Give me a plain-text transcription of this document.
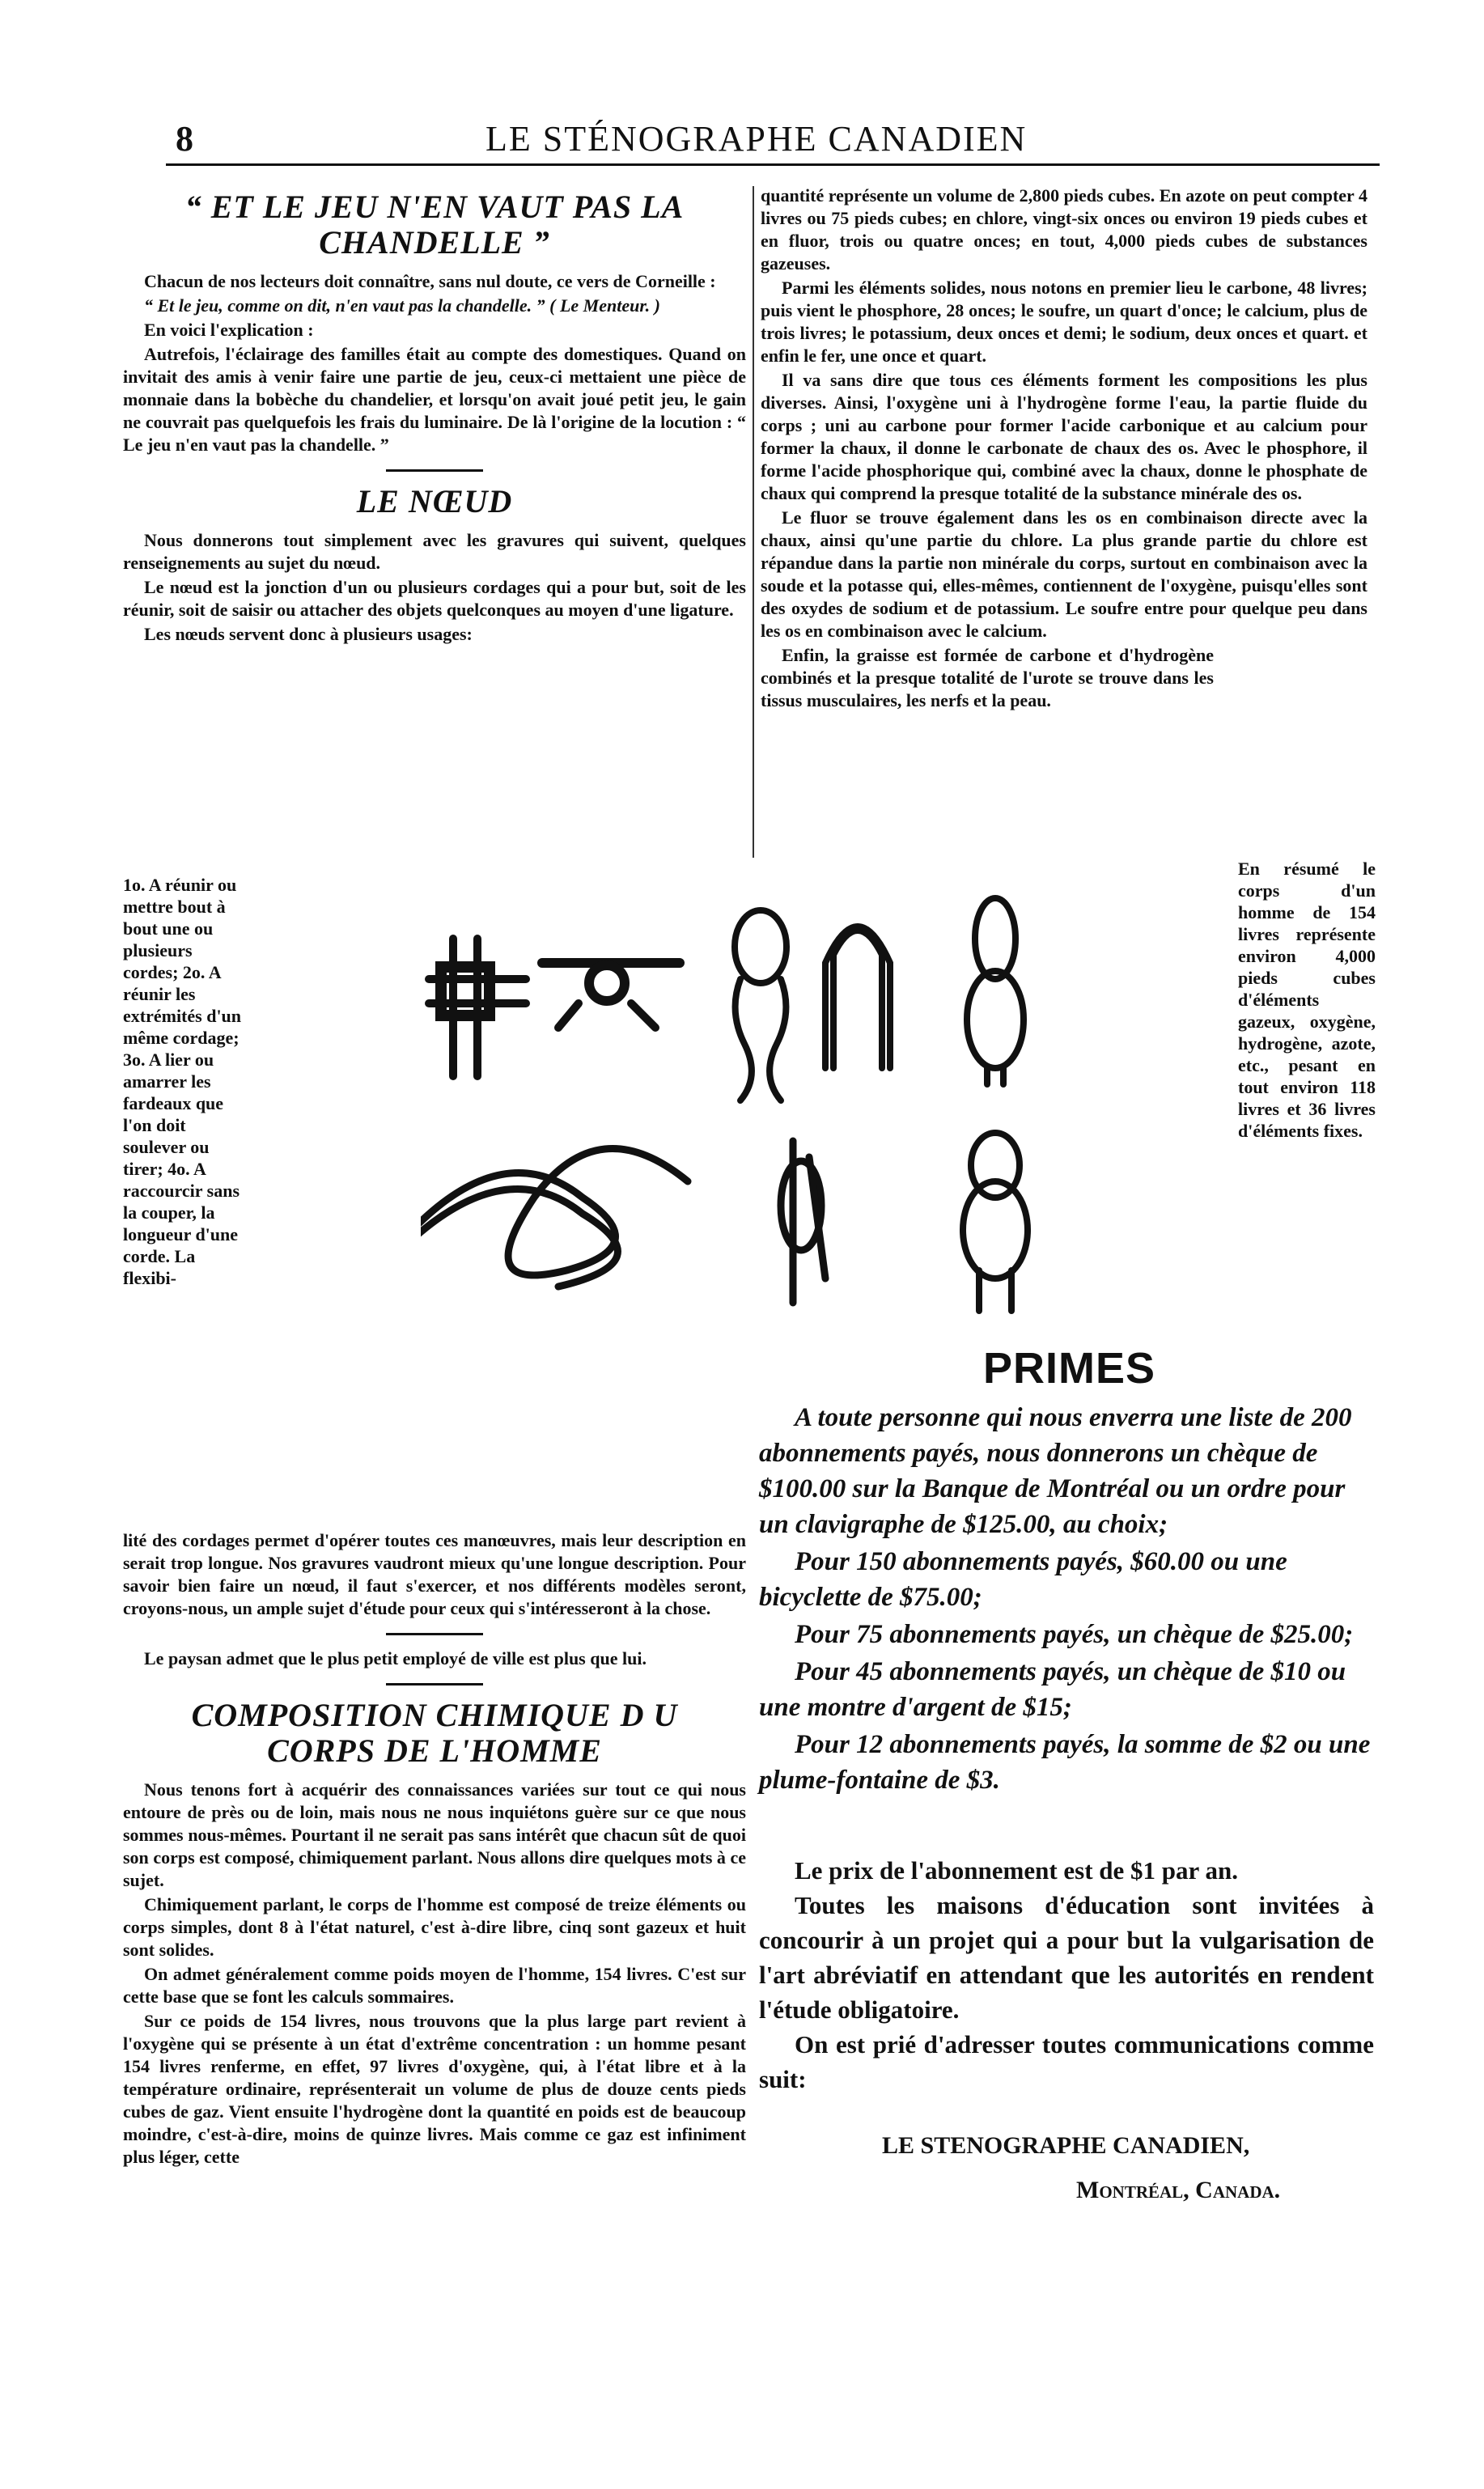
8	LE STÉNOGRAPHE CANADIEN
“ ET LE JEU N'EN VAUT PAS LA
CHANDELLE ”

Chacun de nos lecteurs doit connaître, sans nul doute, ce vers de Corneille :

“ Et le jeu, comme on dit, n'en vaut pas la chandelle. ” ( Le Menteur. )

En voici l'explication :

Autrefois, l'éclairage des familles était au compte des domestiques. Quand on invitait des amis à venir faire une partie de jeu, ceux-ci mettaient une pièce de monnaie dans la bobèche du chandelier, et lorsqu'on avait joué petit jeu, le gain ne couvrait pas quelquefois les frais du luminaire. De là l'origine de la locution : “ Le jeu n'en vaut pas la chandelle. ”

LE NŒUD

Nous donnerons tout simplement avec les gravures qui suivent, quelques renseignements au sujet du nœud.

Le nœud est la jonction d'un ou plusieurs cordages qui a pour but, soit de les réunir, soit de saisir ou attacher des objets quelconques au moyen d'une ligature.

Les nœuds servent donc à plusieurs usages:

1o. A réunir ou mettre bout à bout une ou plusieurs cordes; 2o. A réunir les extrémités d'un même cordage; 3o. A lier ou amarrer les fardeaux que l'on doit soulever ou tirer; 4o. A raccourcir sans la couper, la longueur d'une corde. La flexibi-

lité des cordages permet d'opérer toutes ces manœuvres, mais leur description en serait trop longue. Nos gravures vaudront mieux qu'une longue description. Pour savoir bien faire un nœud, il faut s'exercer, et nos différents modèles seront, croyons-nous, un ample sujet d'étude pour ceux qui s'intéresseront à la chose.

Le paysan admet que le plus petit employé de ville est plus que lui.

COMPOSITION CHIMIQUE D U
CORPS DE L'HOMME

Nous tenons fort à acquérir des connaissances variées sur tout ce qui nous entoure de près ou de loin, mais nous ne nous inquiétons guère sur ce que nous sommes nous-mêmes. Pourtant il ne serait pas sans intérêt que chacun sût de quoi son corps est composé, chimiquement parlant. Nous allons dire quelques mots à ce sujet.

Chimiquement parlant, le corps de l'homme est composé de treize éléments ou corps simples, dont 8 à l'état naturel, c'est à-dire libre, cinq sont gazeux et huit sont solides.

On admet généralement comme poids moyen de l'homme, 154 livres. C'est sur cette base que se font les calculs sommaires.

Sur ce poids de 154 livres, nous trouvons que la plus large part revient à l'oxygène qui se présente à un état d'extrême concentration : un homme pesant 154 livres renferme, en effet, 97 livres d'oxygène, qui, à l'état libre et à la température ordinaire, représenterait un volume de plus de douze cents pieds cubes de gaz. Vient ensuite l'hydrogène dont la quantité en poids est de beaucoup moindre, c'est-à-dire, moins de quinze livres. Mais comme ce gaz est infiniment plus léger, cette

quantité représente un volume de 2,800 pieds cubes. En azote on peut compter 4 livres ou 75 pieds cubes; en chlore, vingt-six onces ou environ 19 pieds cubes et en fluor, trois ou quatre onces; en tout, 4,000 pieds cubes de substances gazeuses.

Parmi les éléments solides, nous notons en premier lieu le carbone, 48 livres; puis vient le phosphore, 28 onces; le soufre, un quart d'once; le calcium, plus de trois livres; le potassium, deux onces et demi; le sodium, deux onces et quart. et enfin le fer, une once et quart.

Il va sans dire que tous ces éléments forment les compositions les plus diverses. Ainsi, l'oxygène uni à l'hydrogène forme l'eau, la partie fluide du corps ; uni au carbone pour former l'acide carbonique et au calcium pour former la chaux, il donne le carbonate de chaux des os. Avec le phosphore, il forme l'acide phosphorique qui, combiné avec la chaux, donne le phosphate de chaux qui comprend la presque totalité de la substance minérale des os.

Le fluor se trouve également dans les os en combinaison directe avec la chaux, ainsi qu'une partie du chlore. La plus grande partie du chlore est répandue dans la partie non minérale du corps, surtout en combinaison avec la soude et la potasse qui, elles-mêmes, contiennent de l'oxygène, puisqu'elles sont des oxydes de sodium et de potassium. Le soufre entre pour quelque peu dans les os en combinaison avec le calcium.

Enfin, la graisse est formée de carbone et d'hydrogène combinés et la presque totalité de l'urote se trouve dans les tissus musculaires, les nerfs et la peau.

En résumé le corps d'un homme de 154 livres représente environ 4,000 pieds cubes d'éléments gazeux, oxygène, hydrogène, azote, etc., pesant en tout environ 118 livres et 36 livres d'éléments fixes.
PRIMES

A toute personne qui nous enverra une liste de 200 abonnements payés, nous donnerons un chèque de $100.00 sur la Banque de Montréal ou un ordre pour un clavigraphe de $125.00, au choix;

Pour 150 abonnements payés, $60.00 ou une bicyclette de $75.00;

Pour 75 abonnements payés, un chèque de $25.00;

Pour 45 abonnements payés, un chèque de $10 ou une montre d'argent de $15;

Pour 12 abonnements payés, la somme de $2 ou une plume-fontaine de $3.

Le prix de l'abonnement est de $1 par an.

Toutes les maisons d'éducation sont invitées à concourir à un projet qui a pour but la vulgarisation de l'art abréviatif en attendant que les autorités en rendent l'étude obligatoire.

On est prié d'adresser toutes communications comme suit:

LE STENOGRAPHE CANADIEN,
Montréal, Canada.
